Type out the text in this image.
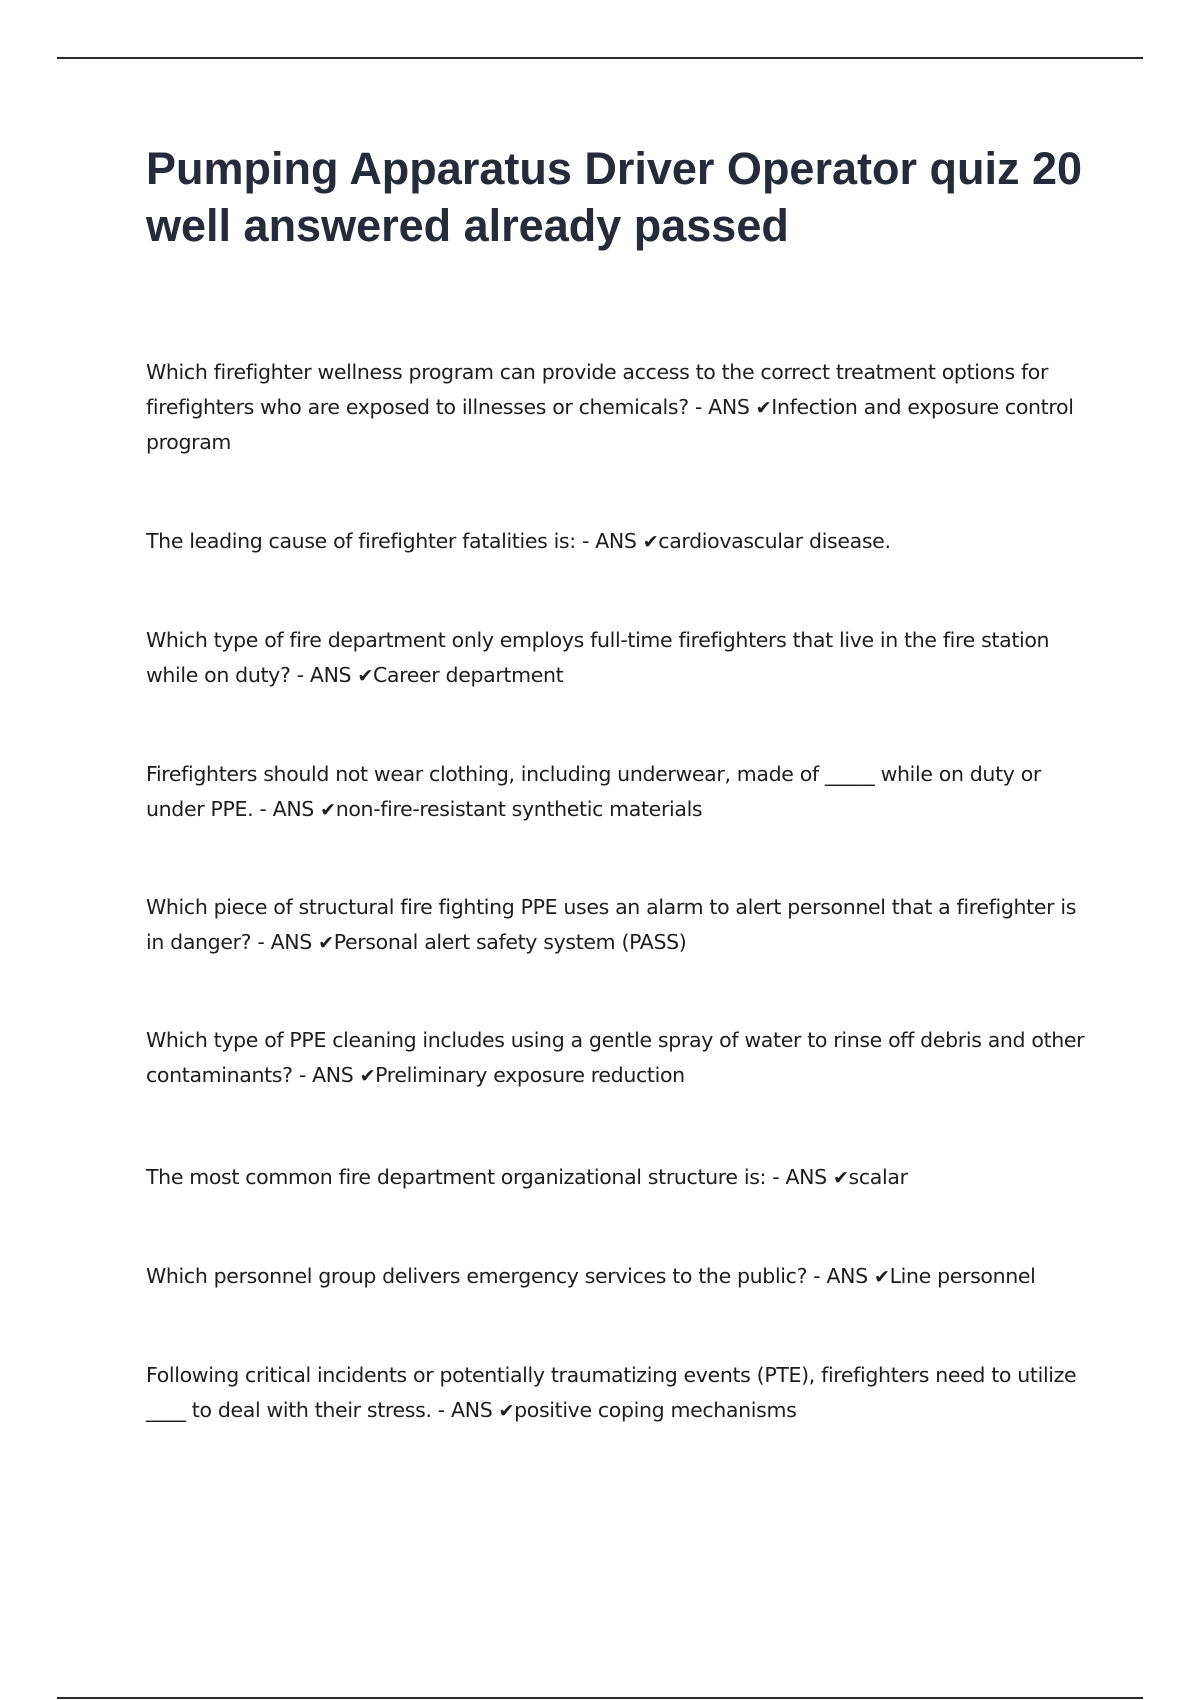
Pumping Apparatus Driver Operator quiz 20 well answered already passed

Which firefighter wellness program can provide access to the correct treatment options for firefighters who are exposed to illnesses or chemicals? - ANS ✔Infection and exposure control program

The leading cause of firefighter fatalities is: - ANS ✔cardiovascular disease.

Which type of fire department only employs full-time firefighters that live in the fire station while on duty? - ANS ✔Career department

Firefighters should not wear clothing, including underwear, made of _____ while on duty or under PPE. - ANS ✔non-fire-resistant synthetic materials

Which piece of structural fire fighting PPE uses an alarm to alert personnel that a firefighter is in danger? - ANS ✔Personal alert safety system (PASS)

Which type of PPE cleaning includes using a gentle spray of water to rinse off debris and other contaminants? - ANS ✔Preliminary exposure reduction

The most common fire department organizational structure is: - ANS ✔scalar

Which personnel group delivers emergency services to the public? - ANS ✔Line personnel

Following critical incidents or potentially traumatizing events (PTE), firefighters need to utilize ____ to deal with their stress. - ANS ✔positive coping mechanisms
